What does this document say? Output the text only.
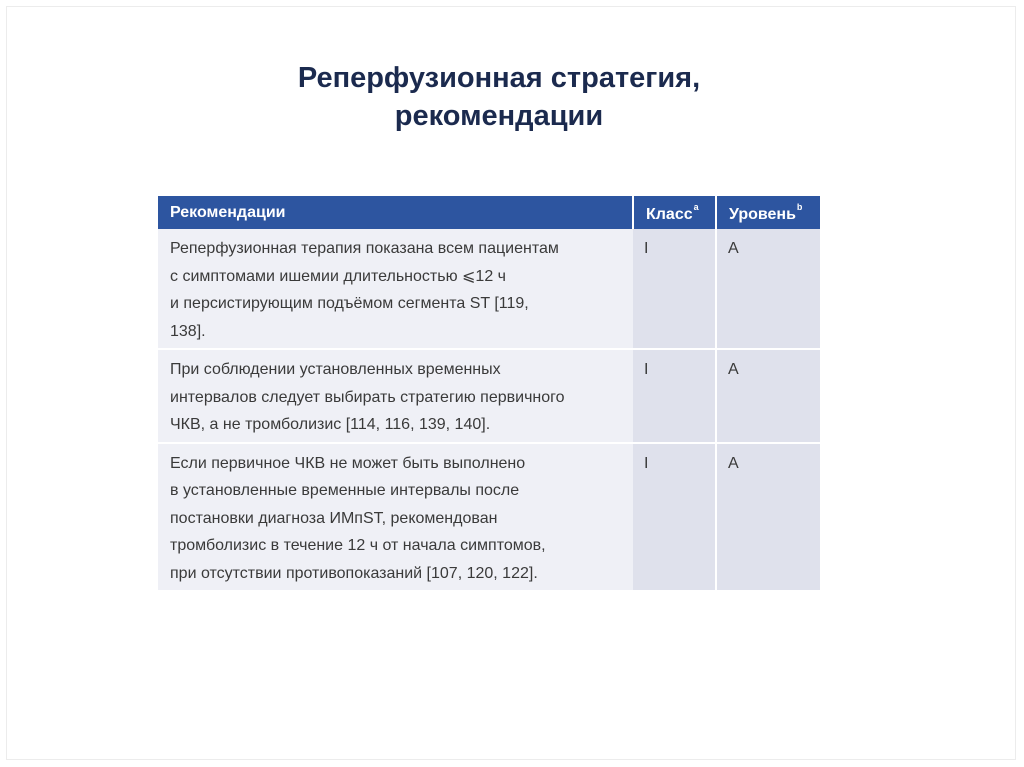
Реперфузионная стратегия,
рекомендации
Рекомендации	Класс$^a$	Уровень$^b$

Реперфузионная терапия показана всем пациентам
с симптомами ишемии длительностью ⩽12 ч
и персистирующим подъёмом сегмента ST [119,
138].	I	A

При соблюдении установленных временных
интервалов следует выбирать стратегию первичного
ЧКВ, а не тромболизис [114, 116, 139, 140].	I	A

Если первичное ЧКВ не может быть выполнено
в установленные временные интервалы после
постановки диагноза ИМпST, рекомендован
тромболизис в течение 12 ч от начала симптомов,
при отсутствии противопоказаний [107, 120, 122].	I	A
